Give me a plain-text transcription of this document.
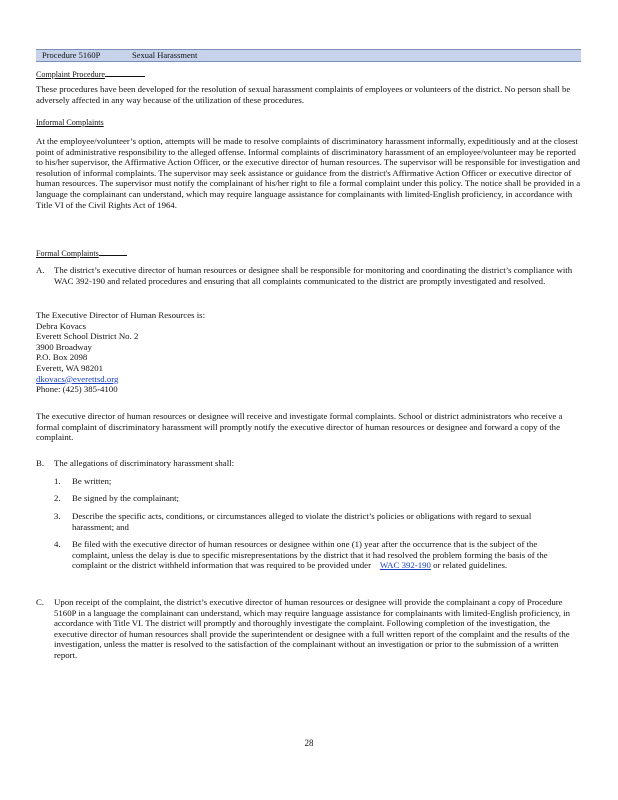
Procedure 5160P	Sexual Harassment
Complaint Procedure

These procedures have been developed for the resolution of sexual harassment complaints of employees or volunteers of the district. No person shall be adversely affected in any way because of the utilization of these procedures.

Informal Complaints

At the employee/volunteer’s option, attempts will be made to resolve complaints of discriminatory harassment informally, expeditiously and at the closest point of administrative responsibility to the alleged offense. Informal complaints of discriminatory harassment of an employee/volunteer may be reported to his/her supervisor, the Affirmative Action Officer, or the executive director of human resources. The supervisor will be responsible for investigation and resolution of informal complaints. The supervisor may seek assistance or guidance from the district's Affirmative Action Officer or executive director of human resources. The supervisor must notify the complainant of his/her right to file a formal complaint under this policy. The notice shall be provided in a language the complainant can understand, which may require language assistance for complainants with limited-English proficiency, in accordance with Title VI of the Civil Rights Act of 1964.

Formal Complaints
A. The district’s executive director of human resources or designee shall be responsible for monitoring and coordinating the district’s compliance with WAC 392-190 and related procedures and ensuring that all complaints communicated to the district are promptly investigated and resolved.

The Executive Director of Human Resources is:
Debra Kovacs
Everett School District No. 2
3900 Broadway
P.O. Box 2098
Everett, WA 98201
dkovacs@everettsd.org
Phone: (425) 385-4100

The executive director of human resources or designee will receive and investigate formal complaints. School or district administrators who receive a formal complaint of discriminatory harassment will promptly notify the executive director of human resources or designee and forward a copy of the complaint.

B. The allegations of discriminatory harassment shall:

1. Be written;

2. Be signed by the complainant;

3. Describe the specific acts, conditions, or circumstances alleged to violate the district’s policies or obligations with regard to sexual harassment; and

4. Be filed with the executive director of human resources or designee within one (1) year after the occurrence that is the subject of the complaint, unless the delay is due to specific misrepresentations by the district that it had resolved the problem forming the basis of the complaint or the district withheld information that was required to be provided under WAC 392-190 or related guidelines.

C. Upon receipt of the complaint, the district’s executive director of human resources or designee will provide the complainant a copy of Procedure 5160P in a language the complainant can understand, which may require language assistance for complainants with limited-English proficiency, in accordance with Title VI. The district will promptly and thoroughly investigate the complaint. Following completion of the investigation, the executive director of human resources shall provide the superintendent or designee with a full written report of the complaint and the results of the investigation, unless the matter is resolved to the satisfaction of the complainant without an investigation or prior to the submission of a written report.

28
